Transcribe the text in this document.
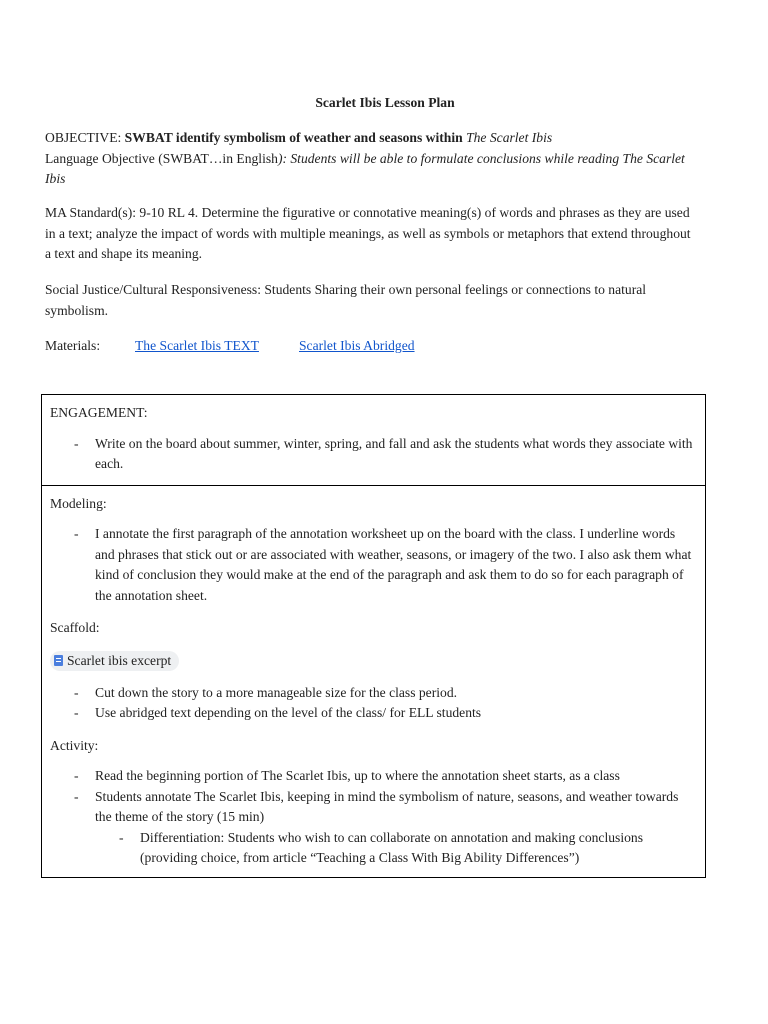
Scarlet Ibis Lesson Plan
OBJECTIVE: SWBAT identify symbolism of weather and seasons within The Scarlet Ibis
Language Objective (SWBAT…in English): Students will be able to formulate conclusions while reading The Scarlet Ibis
MA Standard(s): 9-10 RL 4. Determine the figurative or connotative meaning(s) of words and phrases as they are used in a text; analyze the impact of words with multiple meanings, as well as symbols or metaphors that extend throughout a text and shape its meaning.
Social Justice/Cultural Responsiveness: Students Sharing their own personal feelings or connections to natural symbolism.
Materials:	The Scarlet Ibis TEXT	Scarlet Ibis Abridged
ENGAGEMENT:
- Write on the board about summer, winter, spring, and fall and ask the students what words they associate with each.

Modeling:
- I annotate the first paragraph of the annotation worksheet up on the board with the class. I underline words and phrases that stick out or are associated with weather, seasons, or imagery of the two. I also ask them what kind of conclusion they would make at the end of the paragraph and ask them to do so for each paragraph of the annotation sheet.
Scaffold:
Scarlet ibis excerpt
- Cut down the story to a more manageable size for the class period.
- Use abridged text depending on the level of the class/ for ELL students
Activity:
- Read the beginning portion of The Scarlet Ibis, up to where the annotation sheet starts, as a class
- Students annotate The Scarlet Ibis, keeping in mind the symbolism of nature, seasons, and weather towards the theme of the story (15 min)
- Differentiation: Students who wish to can collaborate on annotation and making conclusions (providing choice, from article “Teaching a Class With Big Ability Differences”)
